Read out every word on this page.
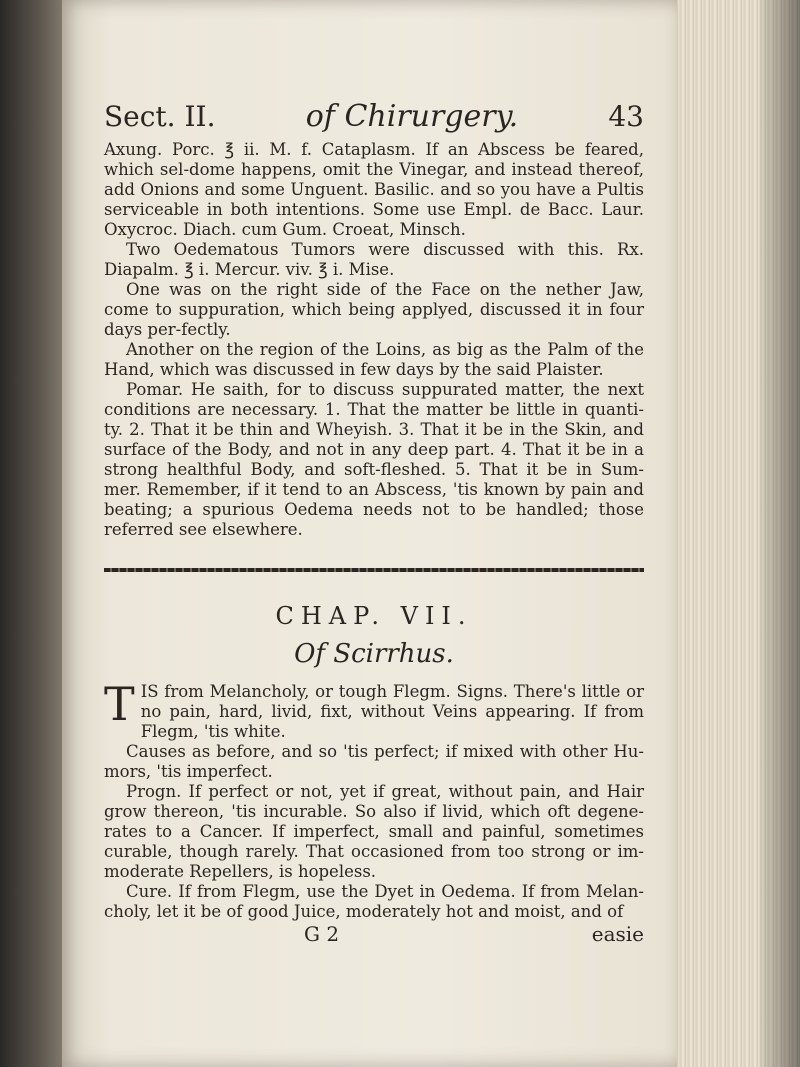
Sect. II.	of Chirurgery.	43

Axung. Porc. ℥ ii. M. f. Cataplasm. If an Abscess be feared, which sel-dome happens, omit the Vinegar, and instead thereof, add Onions and some Unguent. Basilic. and so you have a Pultis serviceable in both intentions. Some use Empl. de Bacc. Laur. Oxycroc. Diach. cum Gum. Croeat, Minsch.

Two Oedematous Tumors were discussed with this. Rx. Diapalm. ℥ i. Mercur. viv. ℥ i. Mise.

One was on the right side of the Face on the nether Jaw, come to suppuration, which being applyed, discussed it in four days per-fectly.

Another on the region of the Loins, as big as the Palm of the Hand, which was discussed in few days by the said Plaister.

Pomar. He saith, for to discuss suppurated matter, the next conditions are necessary. 1. That the matter be little in quanti-ty. 2. That it be thin and Wheyish. 3. That it be in the Skin, and surface of the Body, and not in any deep part. 4. That it be in a strong healthful Body, and soft-fleshed. 5. That it be in Sum-mer. Remember, if it tend to an Abscess, 'tis known by pain and beating; a spurious Oedema needs not to be handled; those referred see elsewhere.

CHAP. VII.
Of Scirrhus.

T IS from Melancholy, or tough Flegm. Signs. There's little or no pain, hard, livid, fixt, without Veins appearing. If from Flegm, 'tis white.

Causes as before, and so 'tis perfect; if mixed with other Hu-mors, 'tis imperfect.

Progn. If perfect or not, yet if great, without pain, and Hair grow thereon, 'tis incurable. So also if livid, which oft degene-rates to a Cancer. If imperfect, small and painful, sometimes curable, though rarely. That occasioned from too strong or im-moderate Repellers, is hopeless.

Cure. If from Flegm, use the Dyet in Oedema. If from Melan-choly, let it be of good Juice, moderately hot and moist, and of

G 2	easie
